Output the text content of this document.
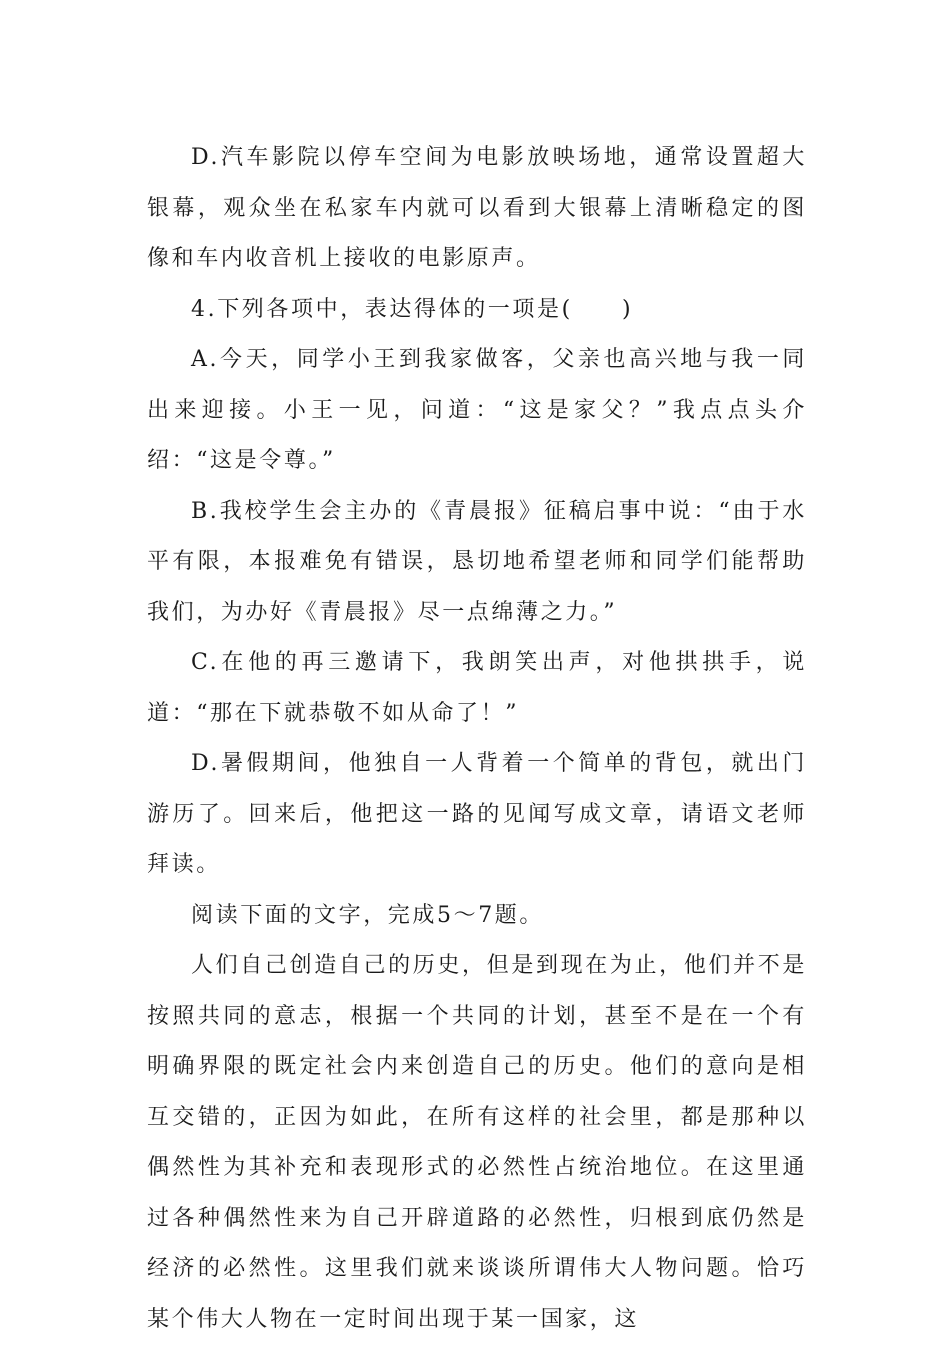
D.汽车影院以停车空间为电影放映场地，通常设置超大银幕，观众坐在私家车内就可以看到大银幕上清晰稳定的图像和车内收音机上接收的电影原声。

4.下列各项中，表达得体的一项是(　　)

A.今天，同学小王到我家做客，父亲也高兴地与我一同出来迎接。小王一见，问道：“这是家父？”我点点头介绍：“这是令尊。”

B.我校学生会主办的《青晨报》征稿启事中说：“由于水平有限，本报难免有错误，恳切地希望老师和同学们能帮助我们，为办好《青晨报》尽一点绵薄之力。”

C.在他的再三邀请下，我朗笑出声，对他拱拱手，说道：“那在下就恭敬不如从命了！”

D.暑假期间，他独自一人背着一个简单的背包，就出门游历了。回来后，他把这一路的见闻写成文章，请语文老师拜读。

阅读下面的文字，完成5～7题。

人们自己创造自己的历史，但是到现在为止，他们并不是按照共同的意志，根据一个共同的计划，甚至不是在一个有明确界限的既定社会内来创造自己的历史。他们的意向是相互交错的，正因为如此，在所有这样的社会里，都是那种以偶然性为其补充和表现形式的必然性占统治地位。在这里通过各种偶然性来为自己开辟道路的必然性，归根到底仍然是经济的必然性。这里我们就来谈谈所谓伟大人物问题。恰巧某个伟大人物在一定时间出现于某一国家，这
